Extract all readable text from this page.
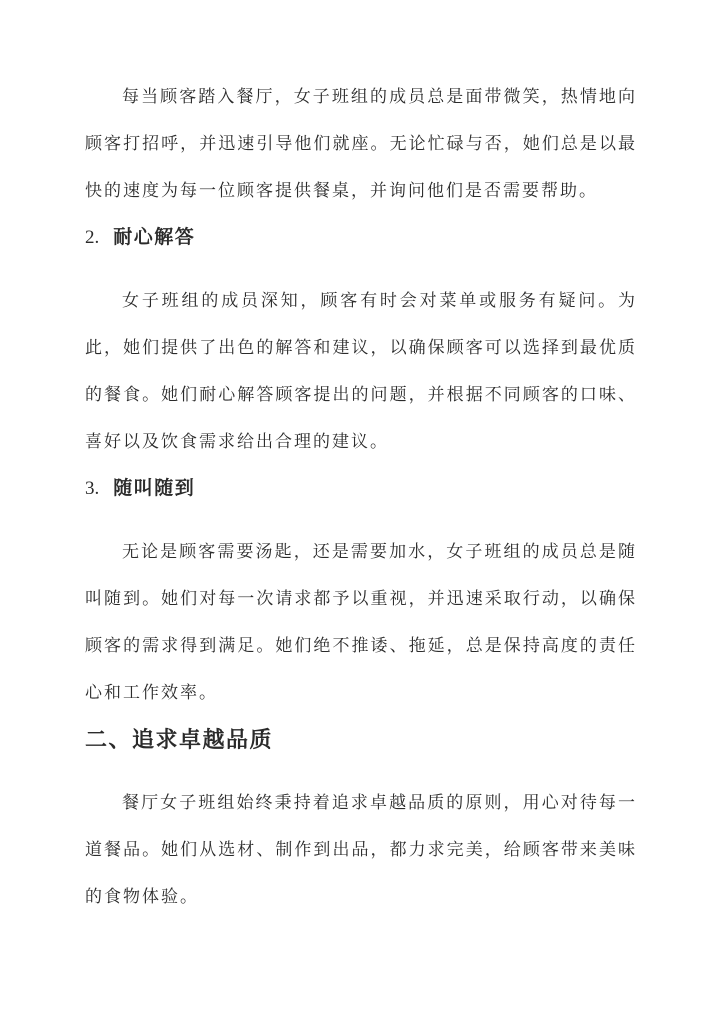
每当顾客踏入餐厅，女子班组的成员总是面带微笑，热情地向顾客打招呼，并迅速引导他们就座。无论忙碌与否，她们总是以最快的速度为每一位顾客提供餐桌，并询问他们是否需要帮助。

2. 耐心解答

女子班组的成员深知，顾客有时会对菜单或服务有疑问。为此，她们提供了出色的解答和建议，以确保顾客可以选择到最优质的餐食。她们耐心解答顾客提出的问题，并根据不同顾客的口味、喜好以及饮食需求给出合理的建议。

3. 随叫随到

无论是顾客需要汤匙，还是需要加水，女子班组的成员总是随叫随到。她们对每一次请求都予以重视，并迅速采取行动，以确保顾客的需求得到满足。她们绝不推诿、拖延，总是保持高度的责任心和工作效率。

二、追求卓越品质

餐厅女子班组始终秉持着追求卓越品质的原则，用心对待每一道餐品。她们从选材、制作到出品，都力求完美，给顾客带来美味的食物体验。
